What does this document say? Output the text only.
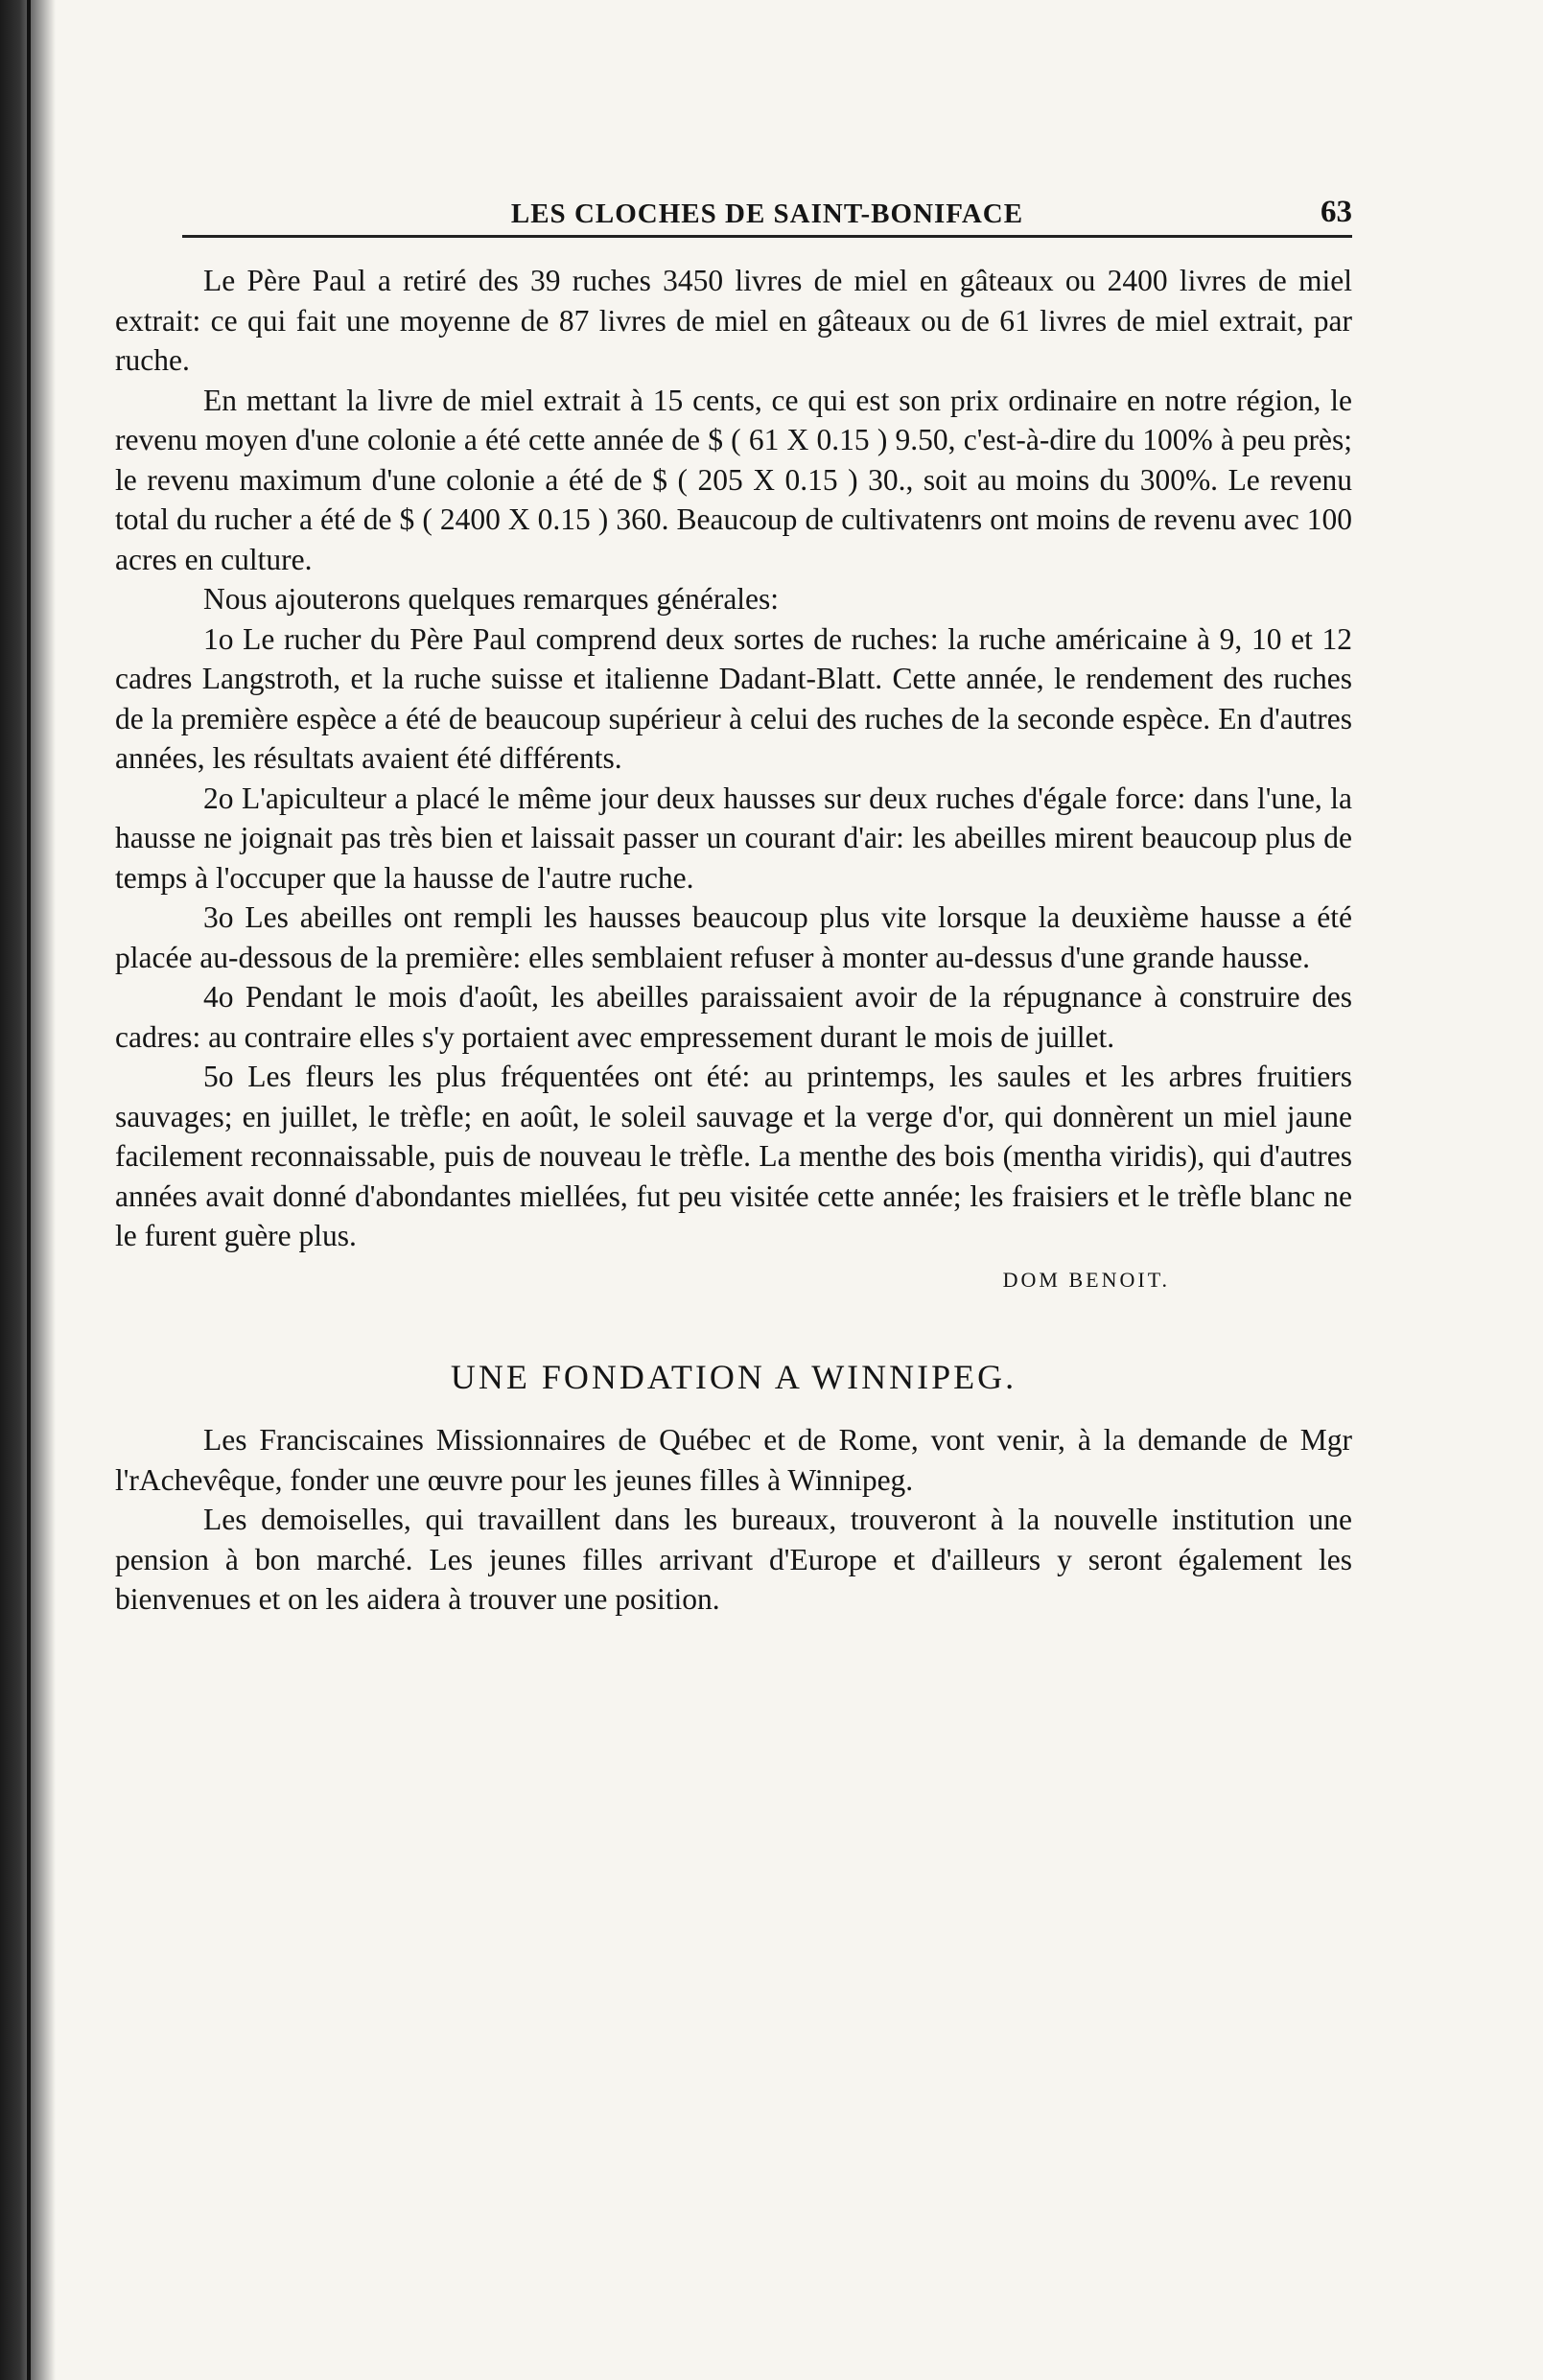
LES CLOCHES DE SAINT-BONIFACE	63

Le Père Paul a retiré des 39 ruches 3450 livres de miel en gâteaux ou 2400 livres de miel extrait: ce qui fait une moyenne de 87 livres de miel en gâteaux ou de 61 livres de miel extrait, par ruche.

En mettant la livre de miel extrait à 15 cents, ce qui est son prix ordinaire en notre région, le revenu moyen d'une colonie a été cette année de $ ( 61 X 0.15 ) 9.50, c'est-à-dire du 100% à peu près; le revenu maximum d'une colonie a été de $ ( 205 X 0.15 ) 30., soit au moins du 300%. Le revenu total du rucher a été de $ ( 2400 X 0.15 ) 360. Beaucoup de cultivatenrs ont moins de revenu avec 100 acres en culture.

Nous ajouterons quelques remarques générales:

1o Le rucher du Père Paul comprend deux sortes de ruches: la ruche américaine à 9, 10 et 12 cadres Langstroth, et la ruche suisse et italienne Dadant-Blatt. Cette année, le rendement des ruches de la première espèce a été de beaucoup supérieur à celui des ruches de la seconde espèce. En d'autres années, les résultats avaient été différents.

2o L'apiculteur a placé le même jour deux hausses sur deux ruches d'égale force: dans l'une, la hausse ne joignait pas très bien et laissait passer un courant d'air: les abeilles mirent beaucoup plus de temps à l'occuper que la hausse de l'autre ruche.

3o Les abeilles ont rempli les hausses beaucoup plus vite lorsque la deuxième hausse a été placée au-dessous de la première: elles semblaient refuser à monter au-dessus d'une grande hausse.

4o Pendant le mois d'août, les abeilles paraissaient avoir de la répugnance à construire des cadres: au contraire elles s'y portaient avec empressement durant le mois de juillet.

5o Les fleurs les plus fréquentées ont été: au printemps, les saules et les arbres fruitiers sauvages; en juillet, le trèfle; en août, le soleil sauvage et la verge d'or, qui donnèrent un miel jaune facilement reconnaissable, puis de nouveau le trèfle. La menthe des bois (mentha viridis), qui d'autres années avait donné d'abondantes miellées, fut peu visitée cette année; les fraisiers et le trèfle blanc ne le furent guère plus.

DOM BENOIT.
UNE FONDATION A WINNIPEG.

Les Franciscaines Missionnaires de Québec et de Rome, vont venir, à la demande de Mgr l'rAchevêque, fonder une œuvre pour les jeunes filles à Winnipeg.

Les demoiselles, qui travaillent dans les bureaux, trouveront à la nouvelle institution une pension à bon marché. Les jeunes filles arrivant d'Europe et d'ailleurs y seront également les bienvenues et on les aidera à trouver une position.
